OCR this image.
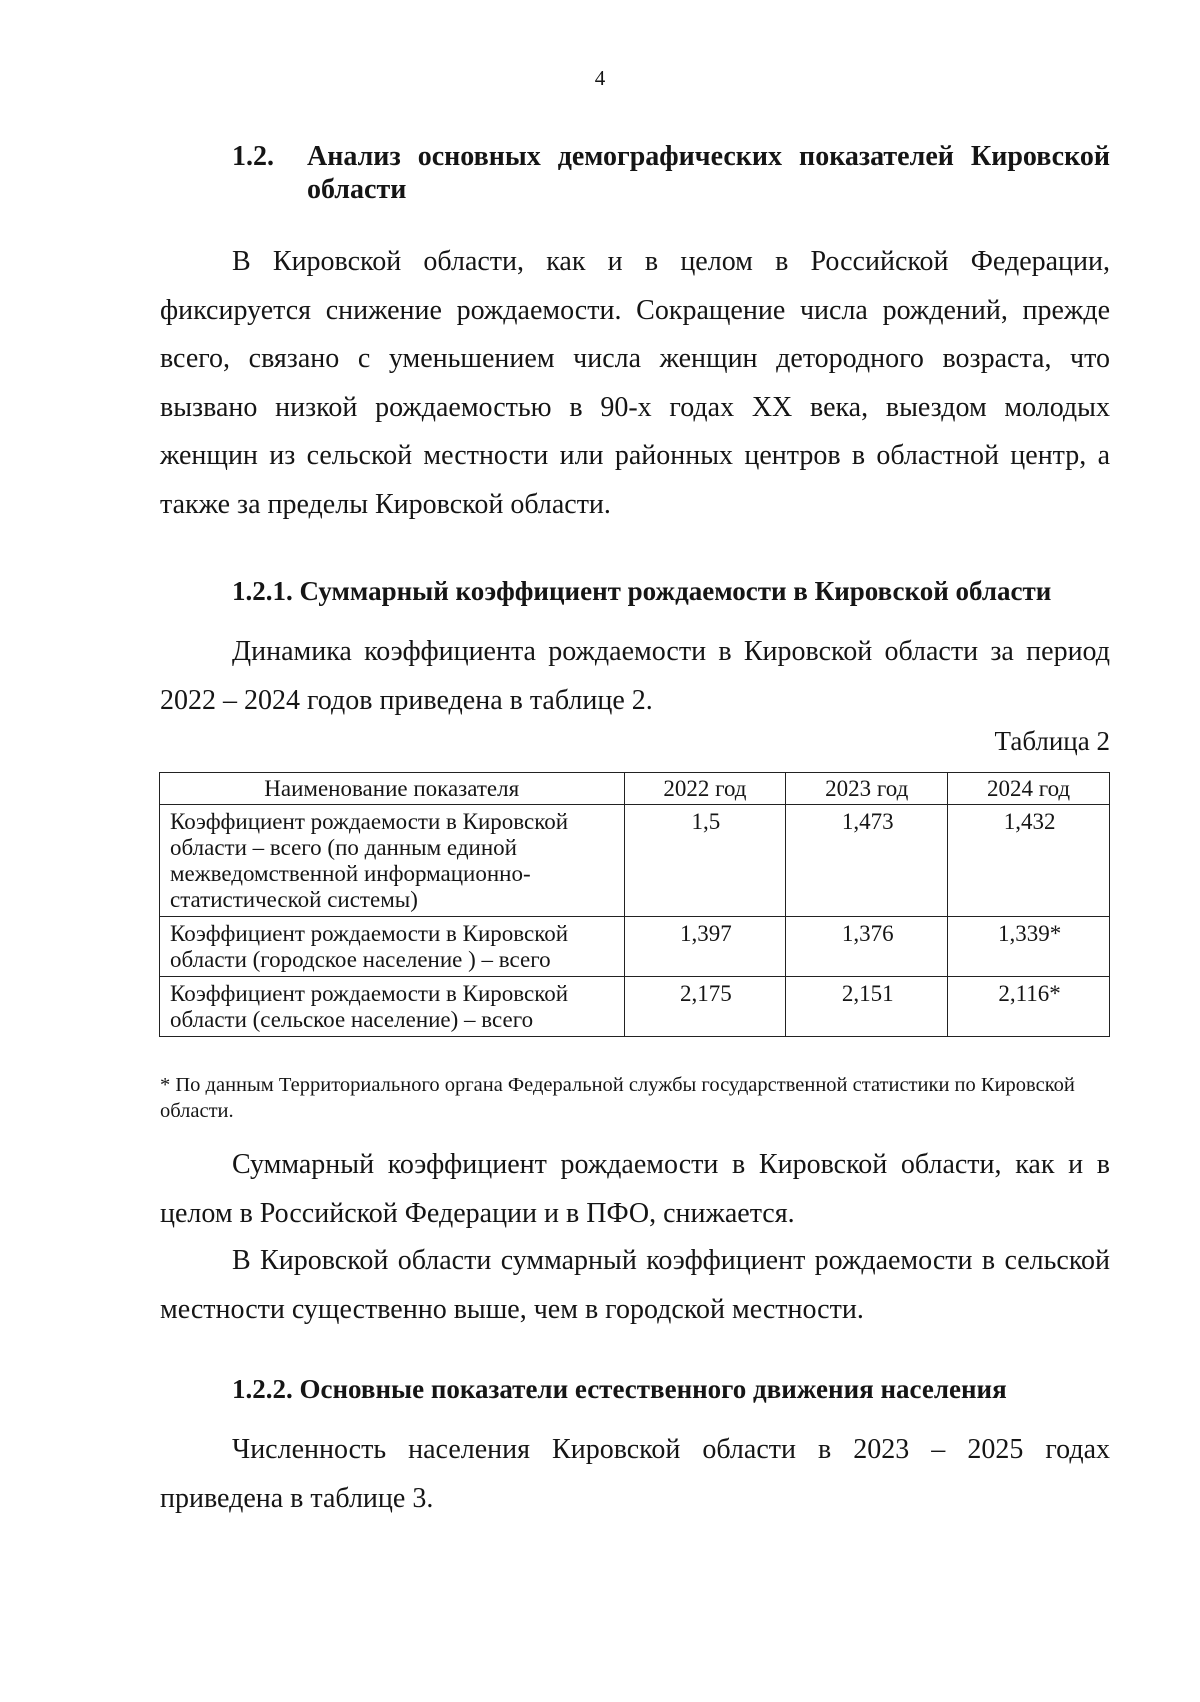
4
1.2. Анализ основных демографических показателей Кировской области

В Кировской области, как и в целом в Российской Федерации, фиксируется снижение рождаемости. Сокращение числа рождений, прежде всего, связано с уменьшением числа женщин детородного возраста, что вызвано низкой рождаемостью в 90-х годах XX века, выездом молодых женщин из сельской местности или районных центров в областной центр, а также за пределы Кировской области.

1.2.1. Суммарный коэффициент рождаемости в Кировской области

Динамика коэффициента рождаемости в Кировской области за период 2022 – 2024 годов приведена в таблице 2.

Таблица 2
Наименование показателя	2022 год	2023 год	2024 год
Коэффициент рождаемости в Кировской области – всего (по данным единой межведомственной информационно-статистической системы)	1,5	1,473	1,432
Коэффициент рождаемости в Кировской области (городское население ) – всего	1,397	1,376	1,339*
Коэффициент рождаемости в Кировской области (сельское население) – всего	2,175	2,151	2,116*

* По данным Территориального органа Федеральной службы государственной статистики по Кировской области.

Суммарный коэффициент рождаемости в Кировской области, как и в целом в Российской Федерации и в ПФО, снижается.

В Кировской области суммарный коэффициент рождаемости в сельской местности существенно выше, чем в городской местности.

1.2.2. Основные показатели естественного движения населения

Численность населения Кировской области в 2023 – 2025 годах приведена в таблице 3.
